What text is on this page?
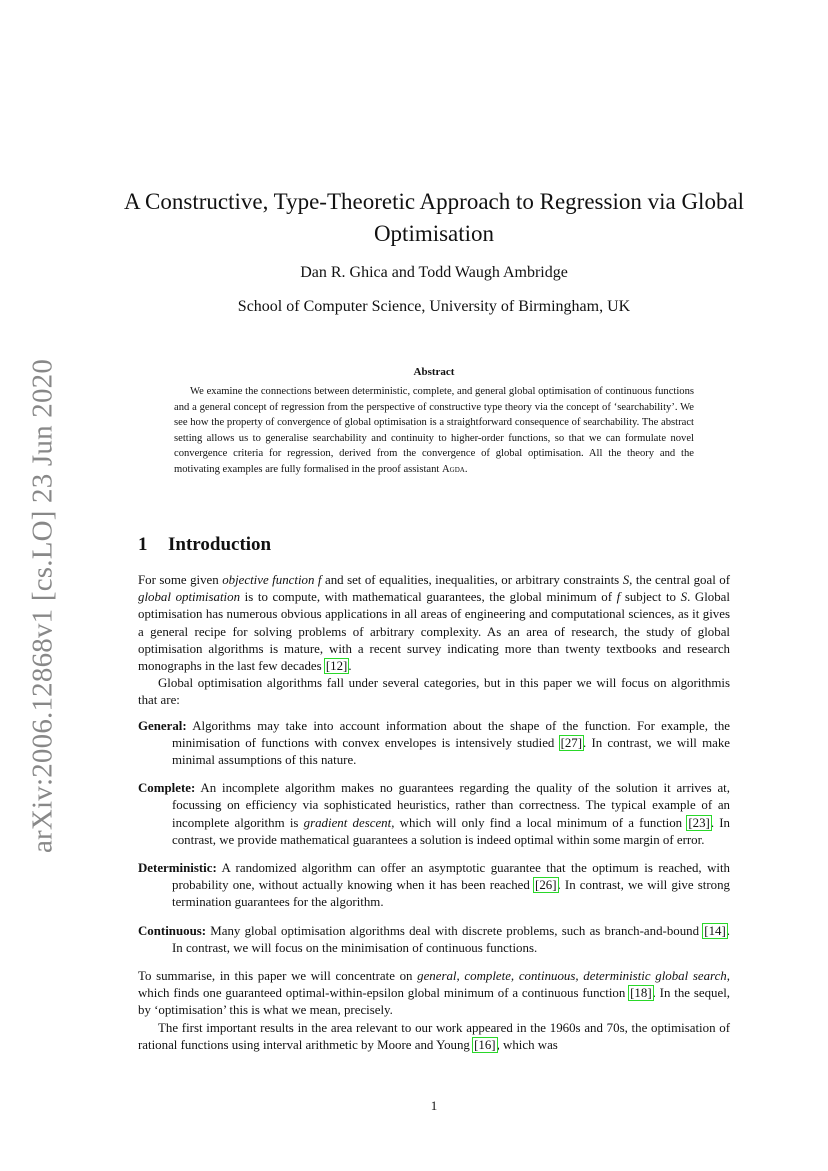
arXiv:2006.12868v1 [cs.LO] 23 Jun 2020
A Constructive, Type-Theoretic Approach to Regression via Global Optimisation
Dan R. Ghica and Todd Waugh Ambridge
School of Computer Science, University of Birmingham, UK
Abstract

We examine the connections between deterministic, complete, and general global optimisation of continuous functions and a general concept of regression from the perspective of constructive type theory via the concept of ‘searchability’. We see how the property of convergence of global optimisation is a straightforward consequence of searchability. The abstract setting allows us to generalise searchability and continuity to higher-order functions, so that we can formulate novel convergence criteria for regression, derived from the convergence of global optimisation. All the theory and the motivating examples are fully formalised in the proof assistant Agda.

1 Introduction

For some given objective function f and set of equalities, inequalities, or arbitrary constraints S, the central goal of global optimisation is to compute, with mathematical guarantees, the global minimum of f subject to S. Global optimisation has numerous obvious applications in all areas of engineering and computational sciences, as it gives a general recipe for solving problems of arbitrary complexity. As an area of research, the study of global optimisation algorithms is mature, with a recent survey indicating more than twenty textbooks and research monographs in the last few decades [12].

Global optimisation algorithms fall under several categories, but in this paper we will focus on algorithmis that are:

General: Algorithms may take into account information about the shape of the function. For example, the minimisation of functions with convex envelopes is intensively studied [27]. In contrast, we will make minimal assumptions of this nature.
Complete: An incomplete algorithm makes no guarantees regarding the quality of the solution it arrives at, focussing on efficiency via sophisticated heuristics, rather than correctness. The typical example of an incomplete algorithm is gradient descent, which will only find a local minimum of a function [23]. In contrast, we provide mathematical guarantees a solution is indeed optimal within some margin of error.
Deterministic: A randomized algorithm can offer an asymptotic guarantee that the optimum is reached, with probability one, without actually knowing when it has been reached [26]. In contrast, we will give strong termination guarantees for the algorithm.
Continuous: Many global optimisation algorithms deal with discrete problems, such as branch-and-bound [14]. In contrast, we will focus on the minimisation of continuous functions.

To summarise, in this paper we will concentrate on general, complete, continuous, deterministic global search, which finds one guaranteed optimal-within-epsilon global minimum of a continuous function [18]. In the sequel, by ‘optimisation’ this is what we mean, precisely.

The first important results in the area relevant to our work appeared in the 1960s and 70s, the optimisation of rational functions using interval arithmetic by Moore and Young [16], which was

1
